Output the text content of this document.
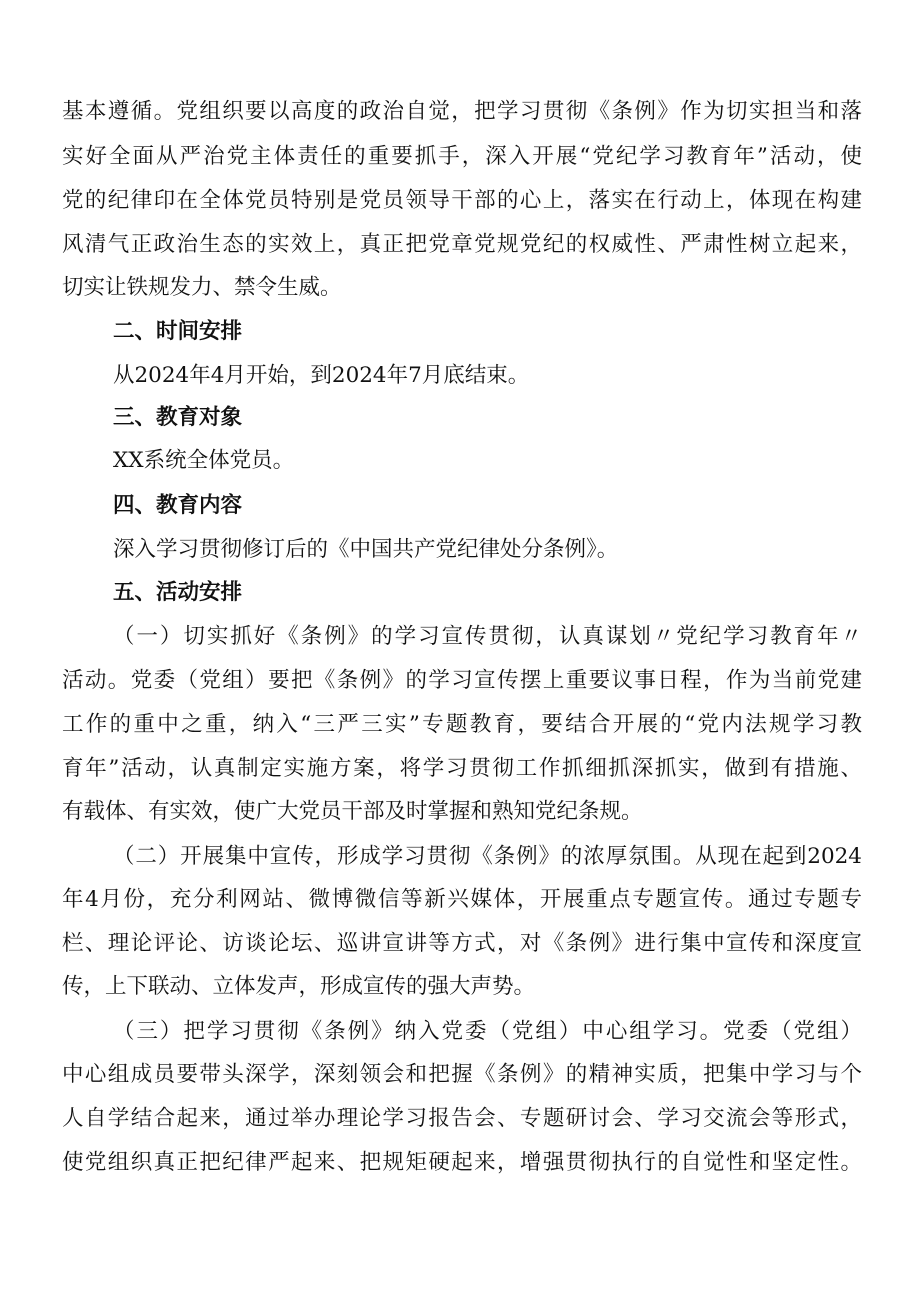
基本遵循。党组织要以高度的政治自觉，把学习贯彻《条例》作为切实担当和落
实好全面从严治党主体责任的重要抓手，深入开展“党纪学习教育年”活动，使
党的纪律印在全体党员特别是党员领导干部的心上，落实在行动上，体现在构建
风清气正政治生态的实效上，真正把党章党规党纪的权威性、严肃性树立起来，
切实让铁规发力、禁令生威。
二、时间安排
从2024年4月开始，到2024年7月底结束。
三、教育对象
XX系统全体党员。
四、教育内容
深入学习贯彻修订后的《中国共产党纪律处分条例》。
五、活动安排
（一）切实抓好《条例》的学习宣传贯彻，认真谋划〃党纪学习教育年〃
活动。党委（党组）要把《条例》的学习宣传摆上重要议事日程，作为当前党建
工作的重中之重，纳入“三严三实”专题教育，要结合开展的“党内法规学习教
育年”活动，认真制定实施方案，将学习贯彻工作抓细抓深抓实，做到有措施、
有载体、有实效，使广大党员干部及时掌握和熟知党纪条规。
（二）开展集中宣传，形成学习贯彻《条例》的浓厚氛围。从现在起到2024
年4月份，充分利网站、微博微信等新兴媒体，开展重点专题宣传。通过专题专
栏、理论评论、访谈论坛、巡讲宣讲等方式，对《条例》进行集中宣传和深度宣
传，上下联动、立体发声，形成宣传的强大声势。
（三）把学习贯彻《条例》纳入党委（党组）中心组学习。党委（党组）
中心组成员要带头深学，深刻领会和把握《条例》的精神实质，把集中学习与个
人自学结合起来，通过举办理论学习报告会、专题研讨会、学习交流会等形式，
使党组织真正把纪律严起来、把规矩硬起来，增强贯彻执行的自觉性和坚定性。
